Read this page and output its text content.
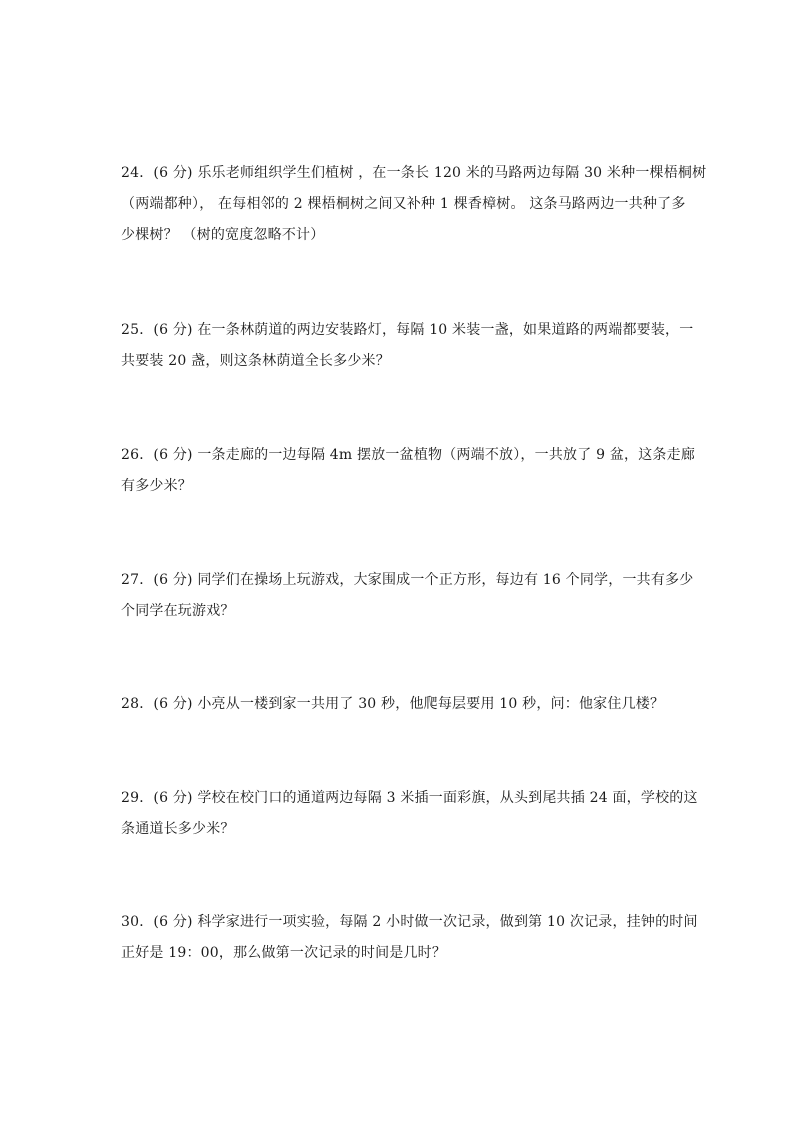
24．(6 分) 乐乐老师组织学生们植树 ，在一条长 120 米的马路两边每隔 30 米种一棵梧桐树
（两端都种）， 在每相邻的 2 棵梧桐树之间又补种 1 棵香樟树。 这条马路两边一共种了多
少棵树？ （树的宽度忽略不计）
25．(6 分) 在一条林荫道的两边安装路灯，每隔 10 米装一盏，如果道路的两端都要装，一
共要装 20 盏，则这条林荫道全长多少米？
26．(6 分) 一条走廊的一边每隔 4m 摆放一盆植物（两端不放），一共放了 9 盆，这条走廊
有多少米？
27．(6 分) 同学们在操场上玩游戏，大家围成一个正方形，每边有 16 个同学，一共有多少
个同学在玩游戏？
28．(6 分) 小亮从一楼到家一共用了 30 秒，他爬每层要用 10 秒，问：他家住几楼？
29．(6 分) 学校在校门口的通道两边每隔 3 米插一面彩旗，从头到尾共插 24 面，学校的这
条通道长多少米？
30．(6 分) 科学家进行一项实验，每隔 2 小时做一次记录，做到第 10 次记录，挂钟的时间
正好是 19：00，那么做第一次记录的时间是几时？
